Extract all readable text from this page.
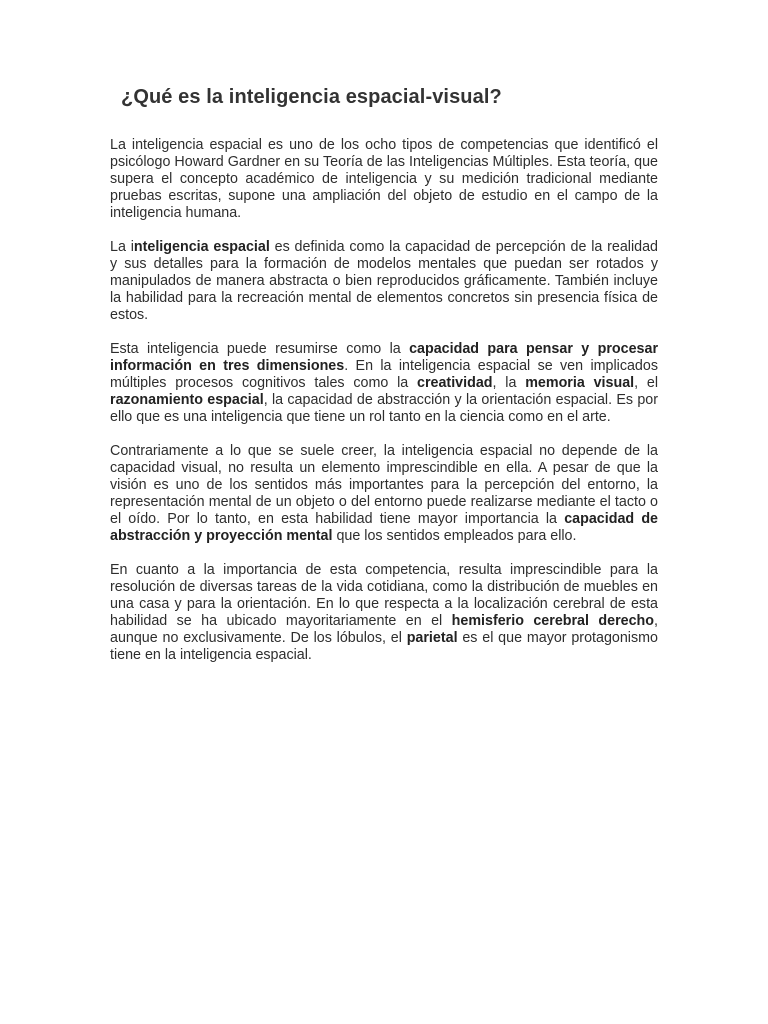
¿Qué es la inteligencia espacial-visual?

La inteligencia espacial es uno de los ocho tipos de competencias que identificó el psicólogo Howard Gardner en su Teoría de las Inteligencias Múltiples. Esta teoría, que supera el concepto académico de inteligencia y su medición tradicional mediante pruebas escritas, supone una ampliación del objeto de estudio en el campo de la inteligencia humana.

La inteligencia espacial es definida como la capacidad de percepción de la realidad y sus detalles para la formación de modelos mentales que puedan ser rotados y manipulados de manera abstracta o bien reproducidos gráficamente. También incluye la habilidad para la recreación mental de elementos concretos sin presencia física de estos.

Esta inteligencia puede resumirse como la capacidad para pensar y procesar información en tres dimensiones. En la inteligencia espacial se ven implicados múltiples procesos cognitivos tales como la creatividad, la memoria visual, el razonamiento espacial, la capacidad de abstracción y la orientación espacial. Es por ello que es una inteligencia que tiene un rol tanto en la ciencia como en el arte.

Contrariamente a lo que se suele creer, la inteligencia espacial no depende de la capacidad visual, no resulta un elemento imprescindible en ella. A pesar de que la visión es uno de los sentidos más importantes para la percepción del entorno, la representación mental de un objeto o del entorno puede realizarse mediante el tacto o el oído. Por lo tanto, en esta habilidad tiene mayor importancia la capacidad de abstracción y proyección mental que los sentidos empleados para ello.

En cuanto a la importancia de esta competencia, resulta imprescindible para la resolución de diversas tareas de la vida cotidiana, como la distribución de muebles en una casa y para la orientación. En lo que respecta a la localización cerebral de esta habilidad se ha ubicado mayoritariamente en el hemisferio cerebral derecho, aunque no exclusivamente. De los lóbulos, el parietal es el que mayor protagonismo tiene en la inteligencia espacial.
